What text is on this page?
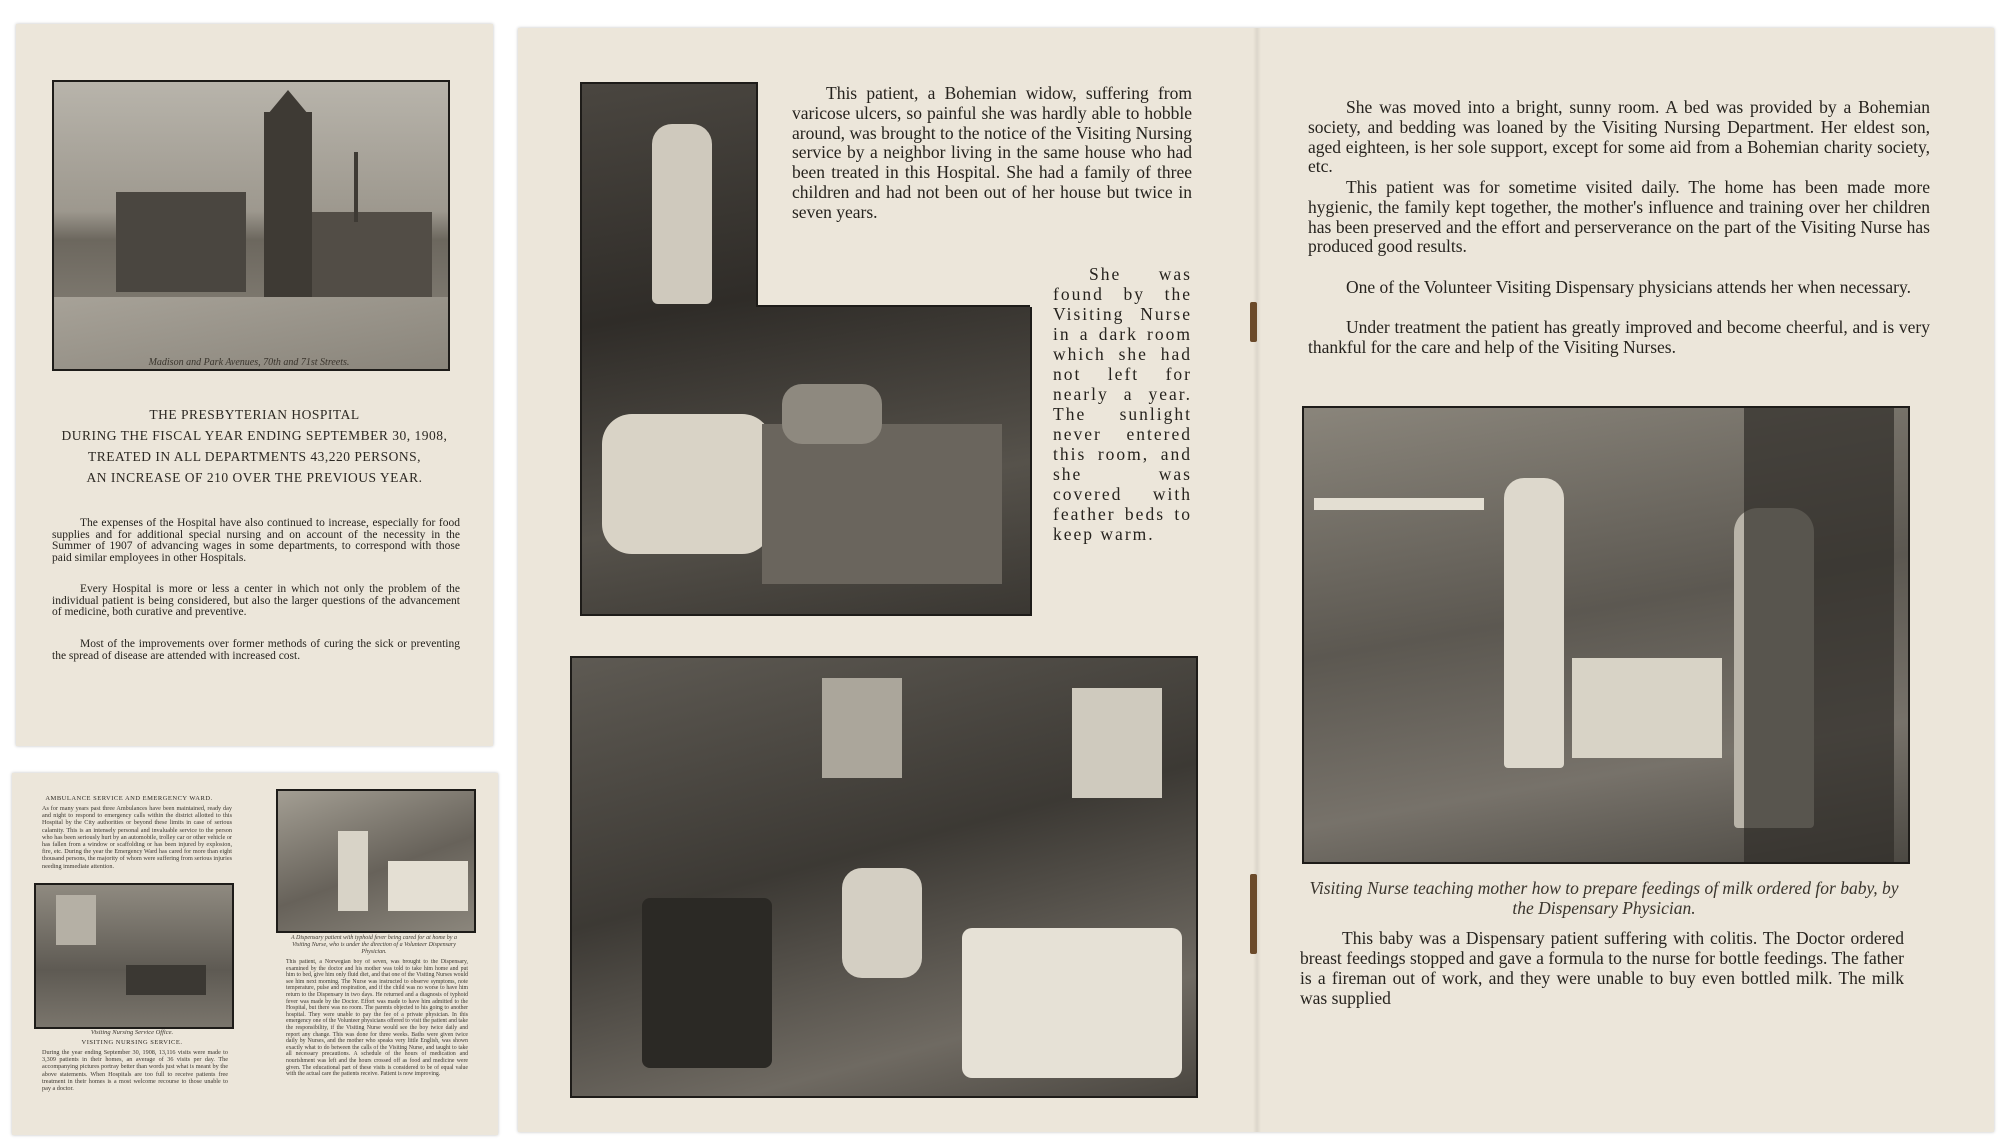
Madison and Park Avenues, 70th and 71st Streets.
THE PRESBYTERIAN HOSPITAL
DURING THE FISCAL YEAR ENDING SEPTEMBER 30, 1908,
TREATED IN ALL DEPARTMENTS 43,220 PERSONS,
AN INCREASE OF 210 OVER THE PREVIOUS YEAR.
The expenses of the Hospital have also continued to increase, especially for food supplies and for additional special nursing and on account of the necessity in the Summer of 1907 of advancing wages in some departments, to correspond with those paid similar employees in other Hospitals.
Every Hospital is more or less a center in which not only the problem of the individual patient is being considered, but also the larger questions of the advancement of medicine, both curative and preventive.
Most of the improvements over former methods of curing the sick or preventing the spread of disease are attended with increased cost.
AMBULANCE SERVICE AND EMERGENCY WARD.
As for many years past three Ambulances have been maintained, ready day and night to respond to emergency calls within the district allotted to this Hospital by the City authorities or beyond these limits in case of serious calamity. This is an intensely personal and invaluable service to the person who has been seriously hurt by an automobile, trolley car or other vehicle or has fallen from a window or scaffolding or has been injured by explosion, fire, etc. During the year the Emergency Ward has cared for more than eight thousand persons, the majority of whom were suffering from serious injuries needing immediate attention.
Visiting Nursing Service Office.
VISITING NURSING SERVICE.
During the year ending September 30, 1908, 13,116 visits were made to 3,309 patients in their homes, an average of 36 visits per day. The accompanying pictures portray better than words just what is meant by the above statements. When Hospitals are too full to receive patients free treatment in their homes is a most welcome recourse to those unable to pay a doctor.
A Dispensary patient with typhoid fever being cared for at home by a Visiting Nurse, who is under the direction of a Volunteer Dispensary Physician.
This patient, a Norwegian boy of seven, was brought to the Dispensary, examined by the doctor and his mother was told to take him home and put him to bed, give him only fluid diet, and that one of the Visiting Nurses would see him next morning. The Nurse was instructed to observe symptoms, note temperature, pulse and respiration, and if the child was no worse to have him return to the Dispensary in two days. He returned and a diagnosis of typhoid fever was made by the Doctor. Effort was made to have him admitted to the Hospital, but there was no room. The parents objected to his going to another hospital. They were unable to pay the fee of a private physician. In this emergency one of the Volunteer physicians offered to visit the patient and take the responsibility, if the Visiting Nurse would see the boy twice daily and report any change. This was done for three weeks. Baths were given twice daily by Nurses, and the mother who speaks very little English, was shown exactly what to do between the calls of the Visiting Nurse, and taught to take all necessary precautions. A schedule of the hours of medication and nourishment was left and the hours crossed off as food and medicine were given. The educational part of these visits is considered to be of equal value with the actual care the patients receive. Patient is now improving.
This patient, a Bohemian widow, suffering from varicose ulcers, so painful she was hardly able to hobble around, was brought to the notice of the Visiting Nursing service by a neighbor living in the same house who had been treated in this Hospital. She had a family of three children and had not been out of her house but twice in seven years.
She was found by the Visiting Nurse in a dark room which she had not left for nearly a year. The sunlight never entered this room, and she was covered with feather beds to keep warm.
She was moved into a bright, sunny room. A bed was provided by a Bohemian society, and bedding was loaned by the Visiting Nursing Department. Her eldest son, aged eighteen, is her sole support, except for some aid from a Bohemian charity society, etc.
This patient was for sometime visited daily. The home has been made more hygienic, the family kept together, the mother's influence and training over her children has been preserved and the effort and perserverance on the part of the Visiting Nurse has produced good results.
One of the Volunteer Visiting Dispensary physicians attends her when necessary.
Under treatment the patient has greatly improved and become cheerful, and is very thankful for the care and help of the Visiting Nurses.
Visiting Nurse teaching mother how to prepare feedings of milk ordered for baby, by the Dispensary Physician.
This baby was a Dispensary patient suffering with colitis. The Doctor ordered breast feedings stopped and gave a formula to the nurse for bottle feedings. The father is a fireman out of work, and they were unable to buy even bottled milk. The milk was supplied
